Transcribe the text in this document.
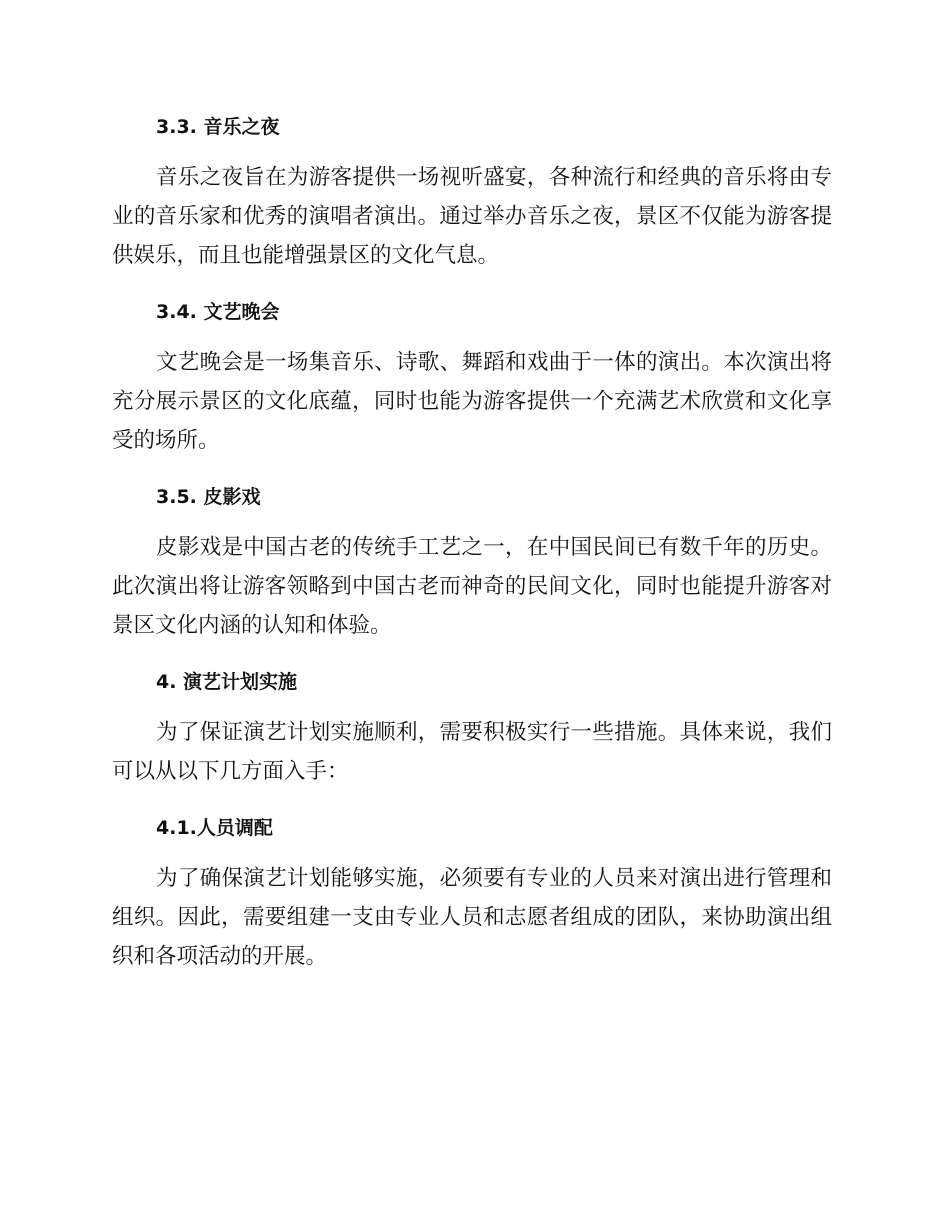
3.3. 音乐之夜

音乐之夜旨在为游客提供一场视听盛宴，各种流行和经典的音乐将由专业的音乐家和优秀的演唱者演出。通过举办音乐之夜，景区不仅能为游客提供娱乐，而且也能增强景区的文化气息。

3.4. 文艺晚会

文艺晚会是一场集音乐、诗歌、舞蹈和戏曲于一体的演出。本次演出将充分展示景区的文化底蕴，同时也能为游客提供一个充满艺术欣赏和文化享受的场所。

3.5. 皮影戏

皮影戏是中国古老的传统手工艺之一，在中国民间已有数千年的历史。此次演出将让游客领略到中国古老而神奇的民间文化，同时也能提升游客对景区文化内涵的认知和体验。

4. 演艺计划实施

为了保证演艺计划实施顺利，需要积极实行一些措施。具体来说，我们可以从以下几方面入手：

4.1.人员调配

为了确保演艺计划能够实施，必须要有专业的人员来对演出进行管理和组织。因此，需要组建一支由专业人员和志愿者组成的团队，来协助演出组织和各项活动的开展。
